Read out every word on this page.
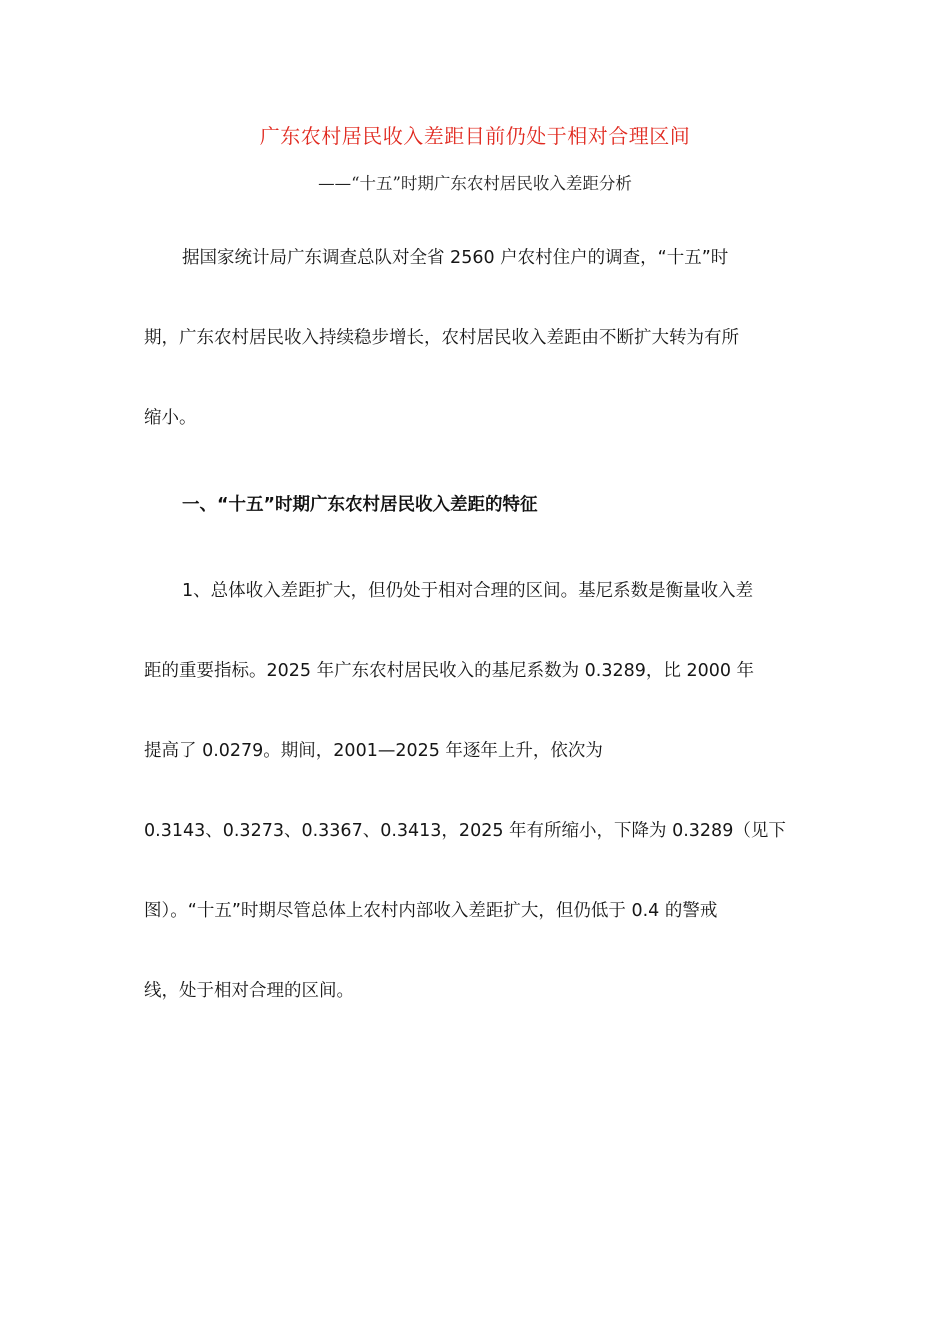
广东农村居民收入差距目前仍处于相对合理区间
——“十五”时期广东农村居民收入差距分析
据国家统计局广东调查总队对全省 2560 户农村住户的调查，“十五”时
期，广东农村居民收入持续稳步增长，农村居民收入差距由不断扩大转为有所
缩小。
一、“十五”时期广东农村居民收入差距的特征
1、总体收入差距扩大，但仍处于相对合理的区间。基尼系数是衡量收入差
距的重要指标。2025 年广东农村居民收入的基尼系数为 0.3289，比 2000 年
提高了 0.0279。期间，2001—2025 年逐年上升，依次为
0.3143、0.3273、0.3367、0.3413，2025 年有所缩小，下降为 0.3289（见下
图）。“十五”时期尽管总体上农村内部收入差距扩大，但仍低于 0.4 的警戒
线，处于相对合理的区间。
